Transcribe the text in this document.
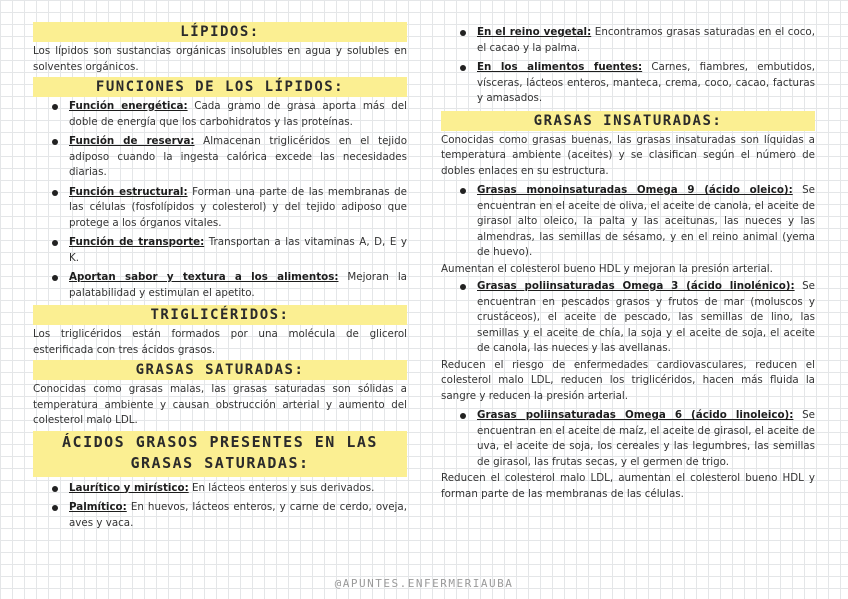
LÍPIDOS:

Los lípidos son sustancias orgánicas insolubles en agua y solubles en solventes orgánicos.

FUNCIONES DE LOS LÍPIDOS:
Función energética: Cada gramo de grasa aporta más del doble de energía que los carbohidratos y las proteínas.
Función de reserva: Almacenan triglicéridos en el tejido adiposo cuando la ingesta calórica excede las necesidades diarias.
Función estructural: Forman una parte de las membranas de las células (fosfolípidos y colesterol) y del tejido adiposo que protege a los órganos vitales.
Función de transporte: Transportan a las vitaminas A, D, E y K.
Aportan sabor y textura a los alimentos: Mejoran la palatabilidad y estimulan el apetito.
TRIGLICÉRIDOS:

Los triglicéridos están formados por una molécula de glicerol esterificada con tres ácidos grasos.

GRASAS SATURADAS:

Conocidas como grasas malas, las grasas saturadas son sólidas a temperatura ambiente y causan obstrucción arterial y aumento del colesterol malo LDL.

ÁCIDOS GRASOS PRESENTES EN LAS
GRASAS SATURADAS:
Laurítico y mirístico: En lácteos enteros y sus derivados.
Palmítico: En huevos, lácteos enteros, y carne de cerdo, oveja, aves y vaca.
En el reino vegetal: Encontramos grasas saturadas en el coco, el cacao y la palma.
En los alimentos fuentes: Carnes, fiambres, embutidos, vísceras, lácteos enteros, manteca, crema, coco, cacao, facturas y amasados.
GRASAS INSATURADAS:

Conocidas como grasas buenas, las grasas insaturadas son líquidas a temperatura ambiente (aceites) y se clasifican según el número de dobles enlaces en su estructura.

Grasas monoinsaturadas Omega 9 (ácido oleico): Se encuentran en el aceite de oliva, el aceite de canola, el aceite de girasol alto oleico, la palta y las aceitunas, las nueces y las almendras, las semillas de sésamo, y en el reino animal (yema de huevo).

Aumentan el colesterol bueno HDL y mejoran la presión arterial.

Grasas poliinsaturadas Omega 3 (ácido linolénico): Se encuentran en pescados grasos y frutos de mar (moluscos y crustáceos), el aceite de pescado, las semillas de lino, las semillas y el aceite de chía, la soja y el aceite de soja, el aceite de canola, las nueces y las avellanas.

Reducen el riesgo de enfermedades cardiovasculares, reducen el colesterol malo LDL, reducen los triglicéridos, hacen más fluida la sangre y reducen la presión arterial.

Grasas poliinsaturadas Omega 6 (ácido linoleico): Se encuentran en el aceite de maíz, el aceite de girasol, el aceite de uva, el aceite de soja, los cereales y las legumbres, las semillas de girasol, las frutas secas, y el germen de trigo.

Reducen el colesterol malo LDL, aumentan el colesterol bueno HDL y forman parte de las membranas de las células.

@APUNTES.ENFERMERIAUBA
